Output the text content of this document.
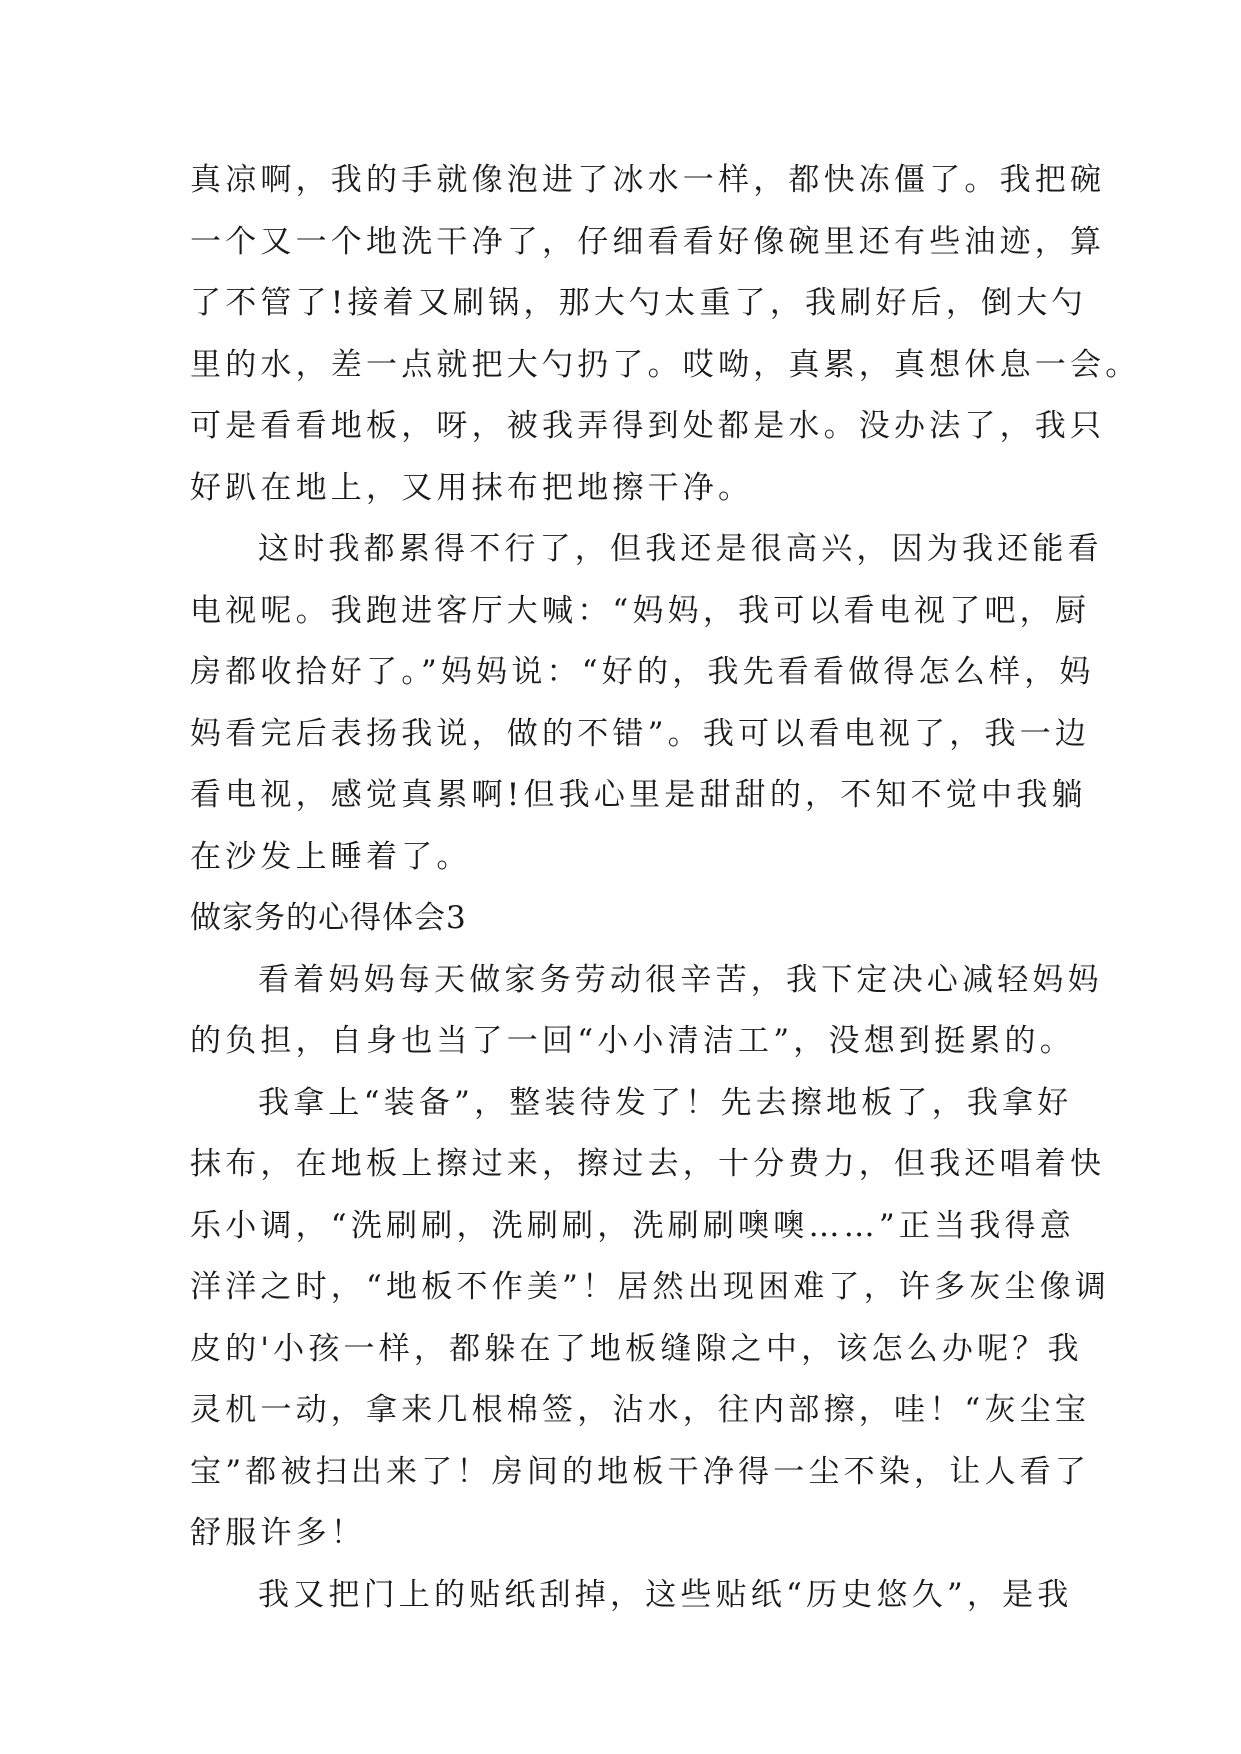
真凉啊，我的手就像泡进了冰水一样，都快冻僵了。我把碗
一个又一个地洗干净了，仔细看看好像碗里还有些油迹，算
了不管了!接着又刷锅，那大勺太重了，我刷好后，倒大勺
里的水，差一点就把大勺扔了。哎呦，真累，真想休息一会。
可是看看地板，呀，被我弄得到处都是水。没办法了，我只
好趴在地上，又用抹布把地擦干净。
这时我都累得不行了，但我还是很高兴，因为我还能看
电视呢。我跑进客厅大喊：“妈妈，我可以看电视了吧，厨
房都收拾好了。”妈妈说：“好的，我先看看做得怎么样，妈
妈看完后表扬我说，做的不错”。我可以看电视了，我一边
看电视，感觉真累啊!但我心里是甜甜的，不知不觉中我躺
在沙发上睡着了。
做家务的心得体会3
看着妈妈每天做家务劳动很辛苦，我下定决心减轻妈妈
的负担，自身也当了一回“小小清洁工”，没想到挺累的。
我拿上“装备”，整装待发了！先去擦地板了，我拿好
抹布，在地板上擦过来，擦过去，十分费力，但我还唱着快
乐小调，“洗刷刷，洗刷刷，洗刷刷噢噢……”正当我得意
洋洋之时，“地板不作美”！居然出现困难了，许多灰尘像调
皮的'小孩一样，都躲在了地板缝隙之中，该怎么办呢？我
灵机一动，拿来几根棉签，沾水，往内部擦，哇！“灰尘宝
宝”都被扫出来了！房间的地板干净得一尘不染，让人看了
舒服许多！
我又把门上的贴纸刮掉，这些贴纸“历史悠久”，是我
